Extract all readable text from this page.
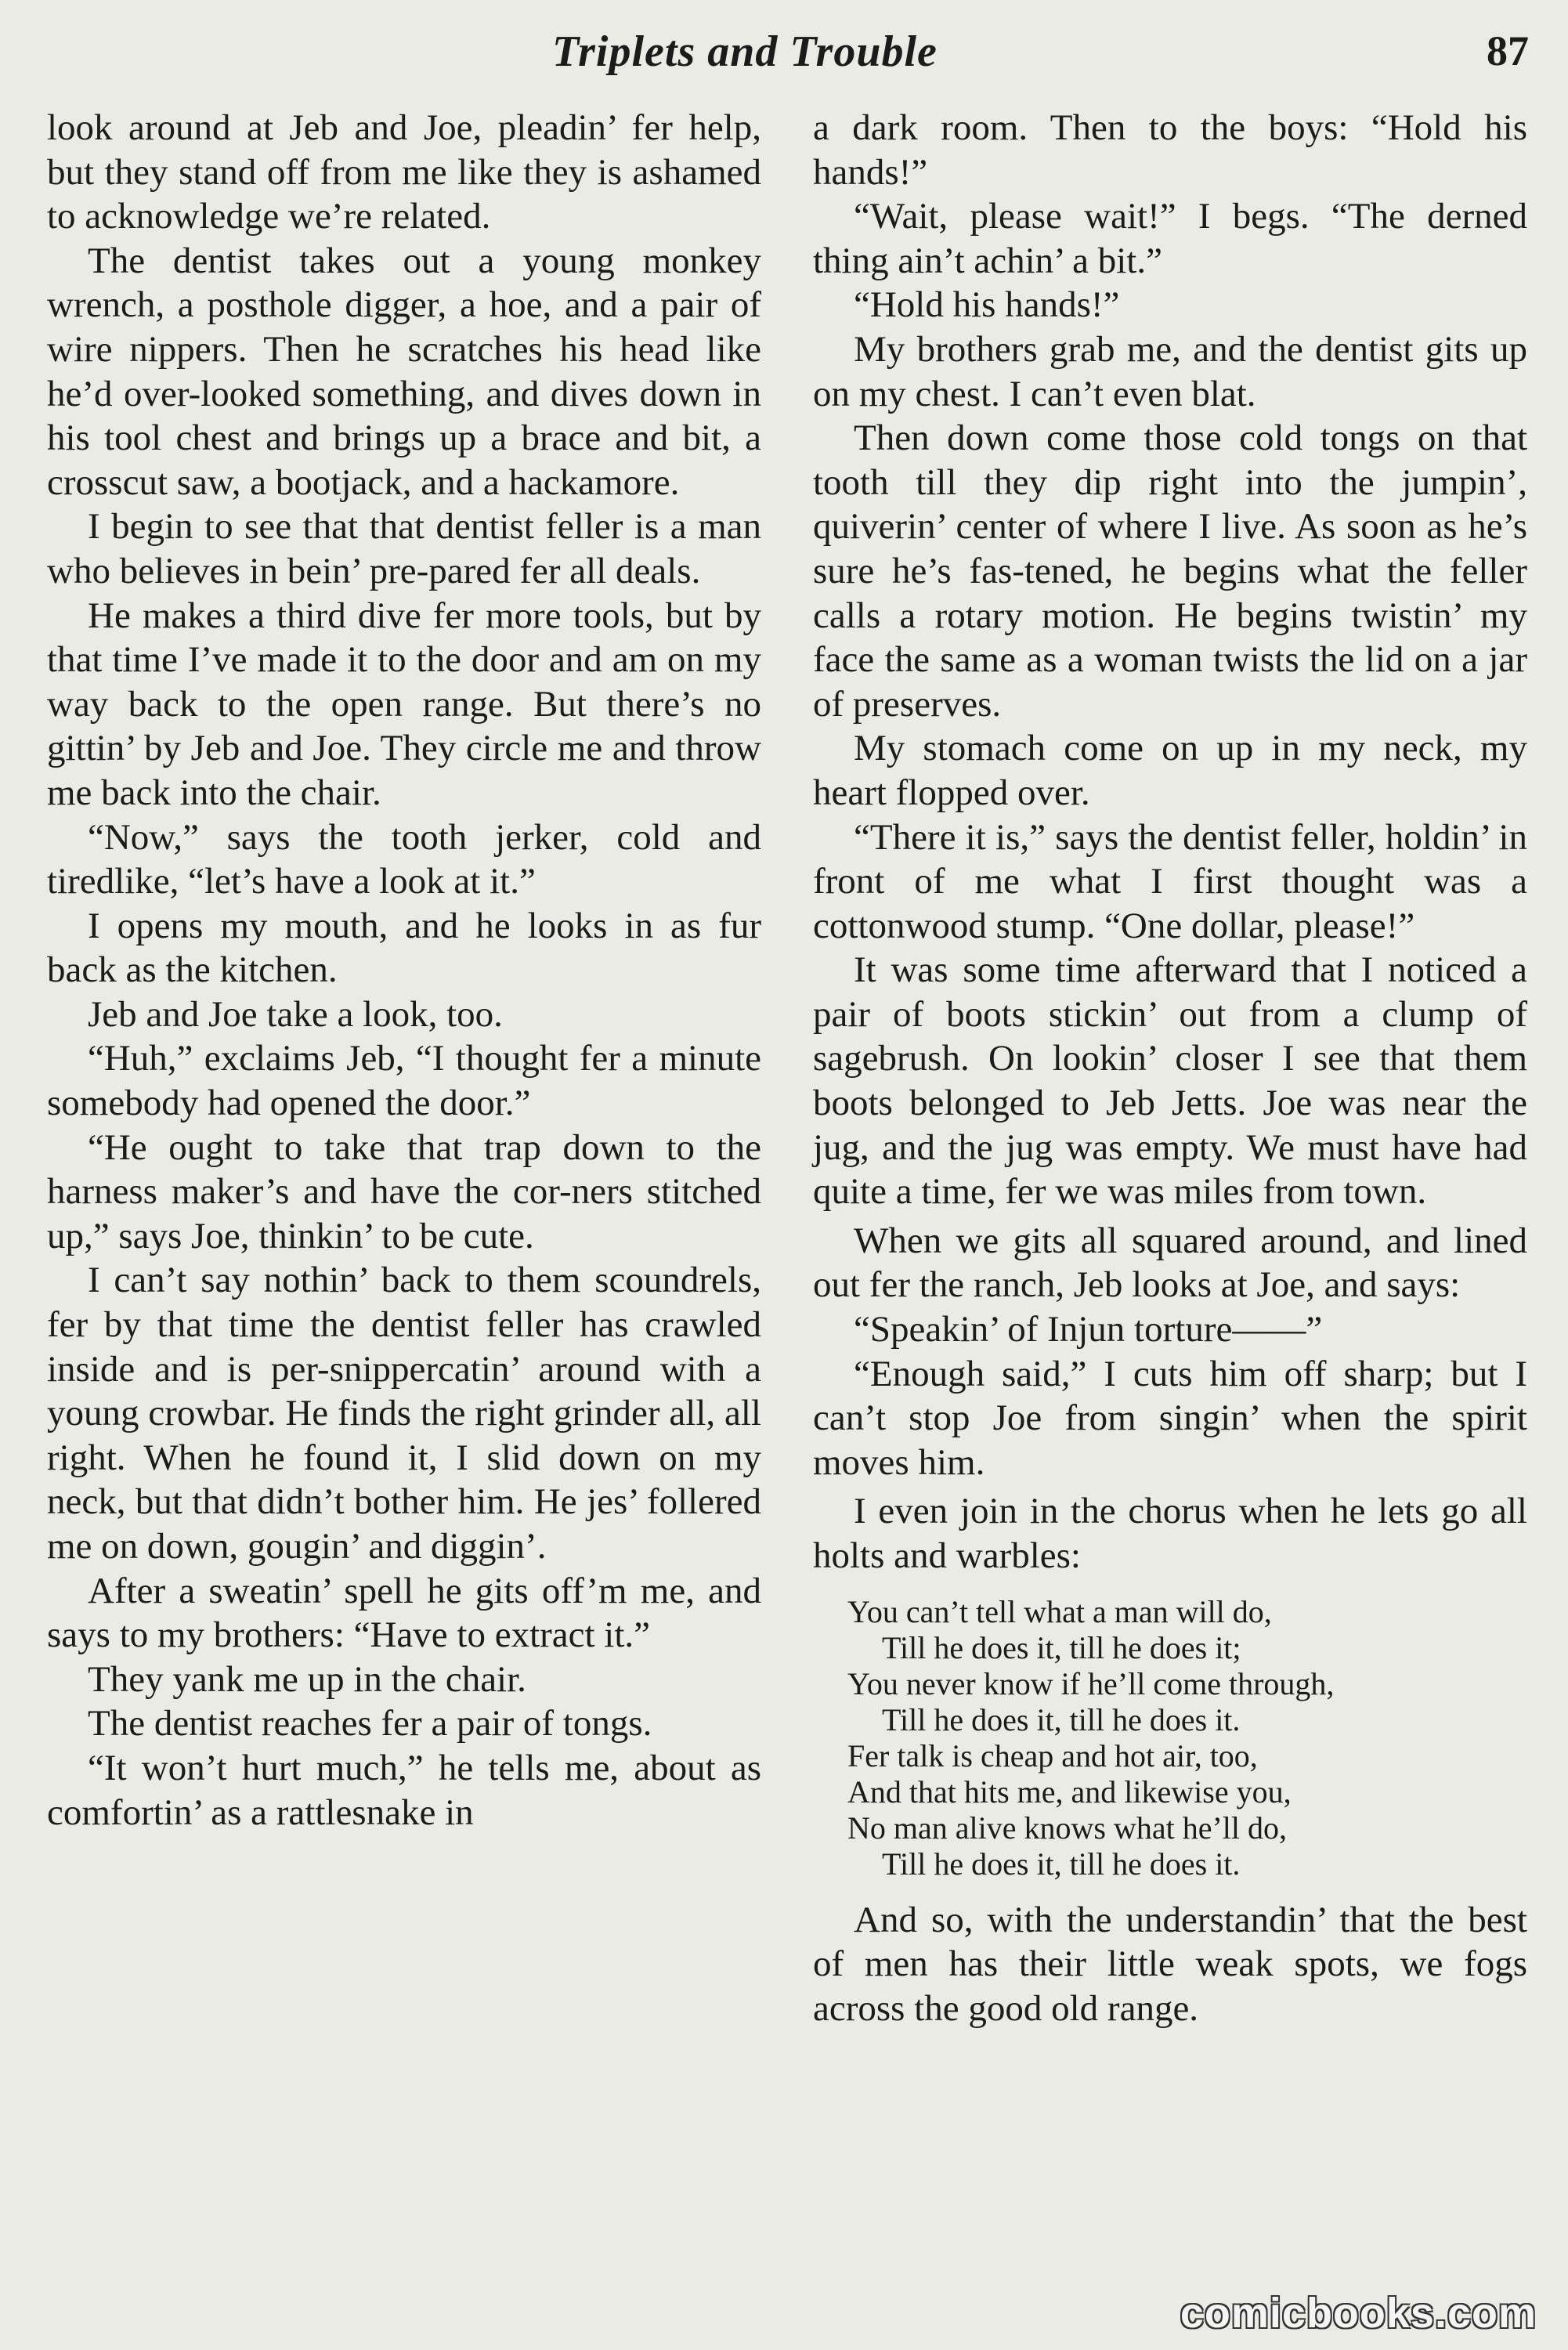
Triplets and Trouble	87

look around at Jeb and Joe, pleadin’ fer help, but they stand off from me like they is ashamed to acknowledge we’re related.

The dentist takes out a young monkey wrench, a posthole digger, a hoe, and a pair of wire nippers. Then he scratches his head like he’d over-looked something, and dives down in his tool chest and brings up a brace and bit, a crosscut saw, a bootjack, and a hackamore.

I begin to see that that dentist feller is a man who believes in bein’ pre-pared fer all deals.

He makes a third dive fer more tools, but by that time I’ve made it to the door and am on my way back to the open range. But there’s no gittin’ by Jeb and Joe. They circle me and throw me back into the chair.

“Now,” says the tooth jerker, cold and tiredlike, “let’s have a look at it.”

I opens my mouth, and he looks in as fur back as the kitchen.

Jeb and Joe take a look, too.

“Huh,” exclaims Jeb, “I thought fer a minute somebody had opened the door.”

“He ought to take that trap down to the harness maker’s and have the cor-ners stitched up,” says Joe, thinkin’ to be cute.

I can’t say nothin’ back to them scoundrels, fer by that time the dentist feller has crawled inside and is per-snippercatin’ around with a young crowbar. He finds the right grinder all, all right. When he found it, I slid down on my neck, but that didn’t bother him. He jes’ follered me on down, gougin’ and diggin’.

After a sweatin’ spell he gits off’m me, and says to my brothers: “Have to extract it.”

They yank me up in the chair.

The dentist reaches fer a pair of tongs.

“It won’t hurt much,” he tells me, about as comfortin’ as a rattlesnake in

a dark room. Then to the boys: “Hold his hands!”

“Wait, please wait!” I begs. “The derned thing ain’t achin’ a bit.”

“Hold his hands!”

My brothers grab me, and the dentist gits up on my chest. I can’t even blat.

Then down come those cold tongs on that tooth till they dip right into the jumpin’, quiverin’ center of where I live. As soon as he’s sure he’s fas-tened, he begins what the feller calls a rotary motion. He begins twistin’ my face the same as a woman twists the lid on a jar of preserves.

My stomach come on up in my neck, my heart flopped over.

“There it is,” says the dentist feller, holdin’ in front of me what I first thought was a cottonwood stump. “One dollar, please!”

It was some time afterward that I noticed a pair of boots stickin’ out from a clump of sagebrush. On lookin’ closer I see that them boots belonged to Jeb Jetts. Joe was near the jug, and the jug was empty. We must have had quite a time, fer we was miles from town.

When we gits all squared around, and lined out fer the ranch, Jeb looks at Joe, and says:

“Speakin’ of Injun torture——”

“Enough said,” I cuts him off sharp; but I can’t stop Joe from singin’ when the spirit moves him.

I even join in the chorus when he lets go all holts and warbles:

You can’t tell what a man will do,
Till he does it, till he does it;
You never know if he’ll come through,
Till he does it, till he does it.
Fer talk is cheap and hot air, too,
And that hits me, and likewise you,
No man alive knows what he’ll do,
Till he does it, till he does it.

And so, with the understandin’ that the best of men has their little weak spots, we fogs across the good old range.

comicbooks.com
